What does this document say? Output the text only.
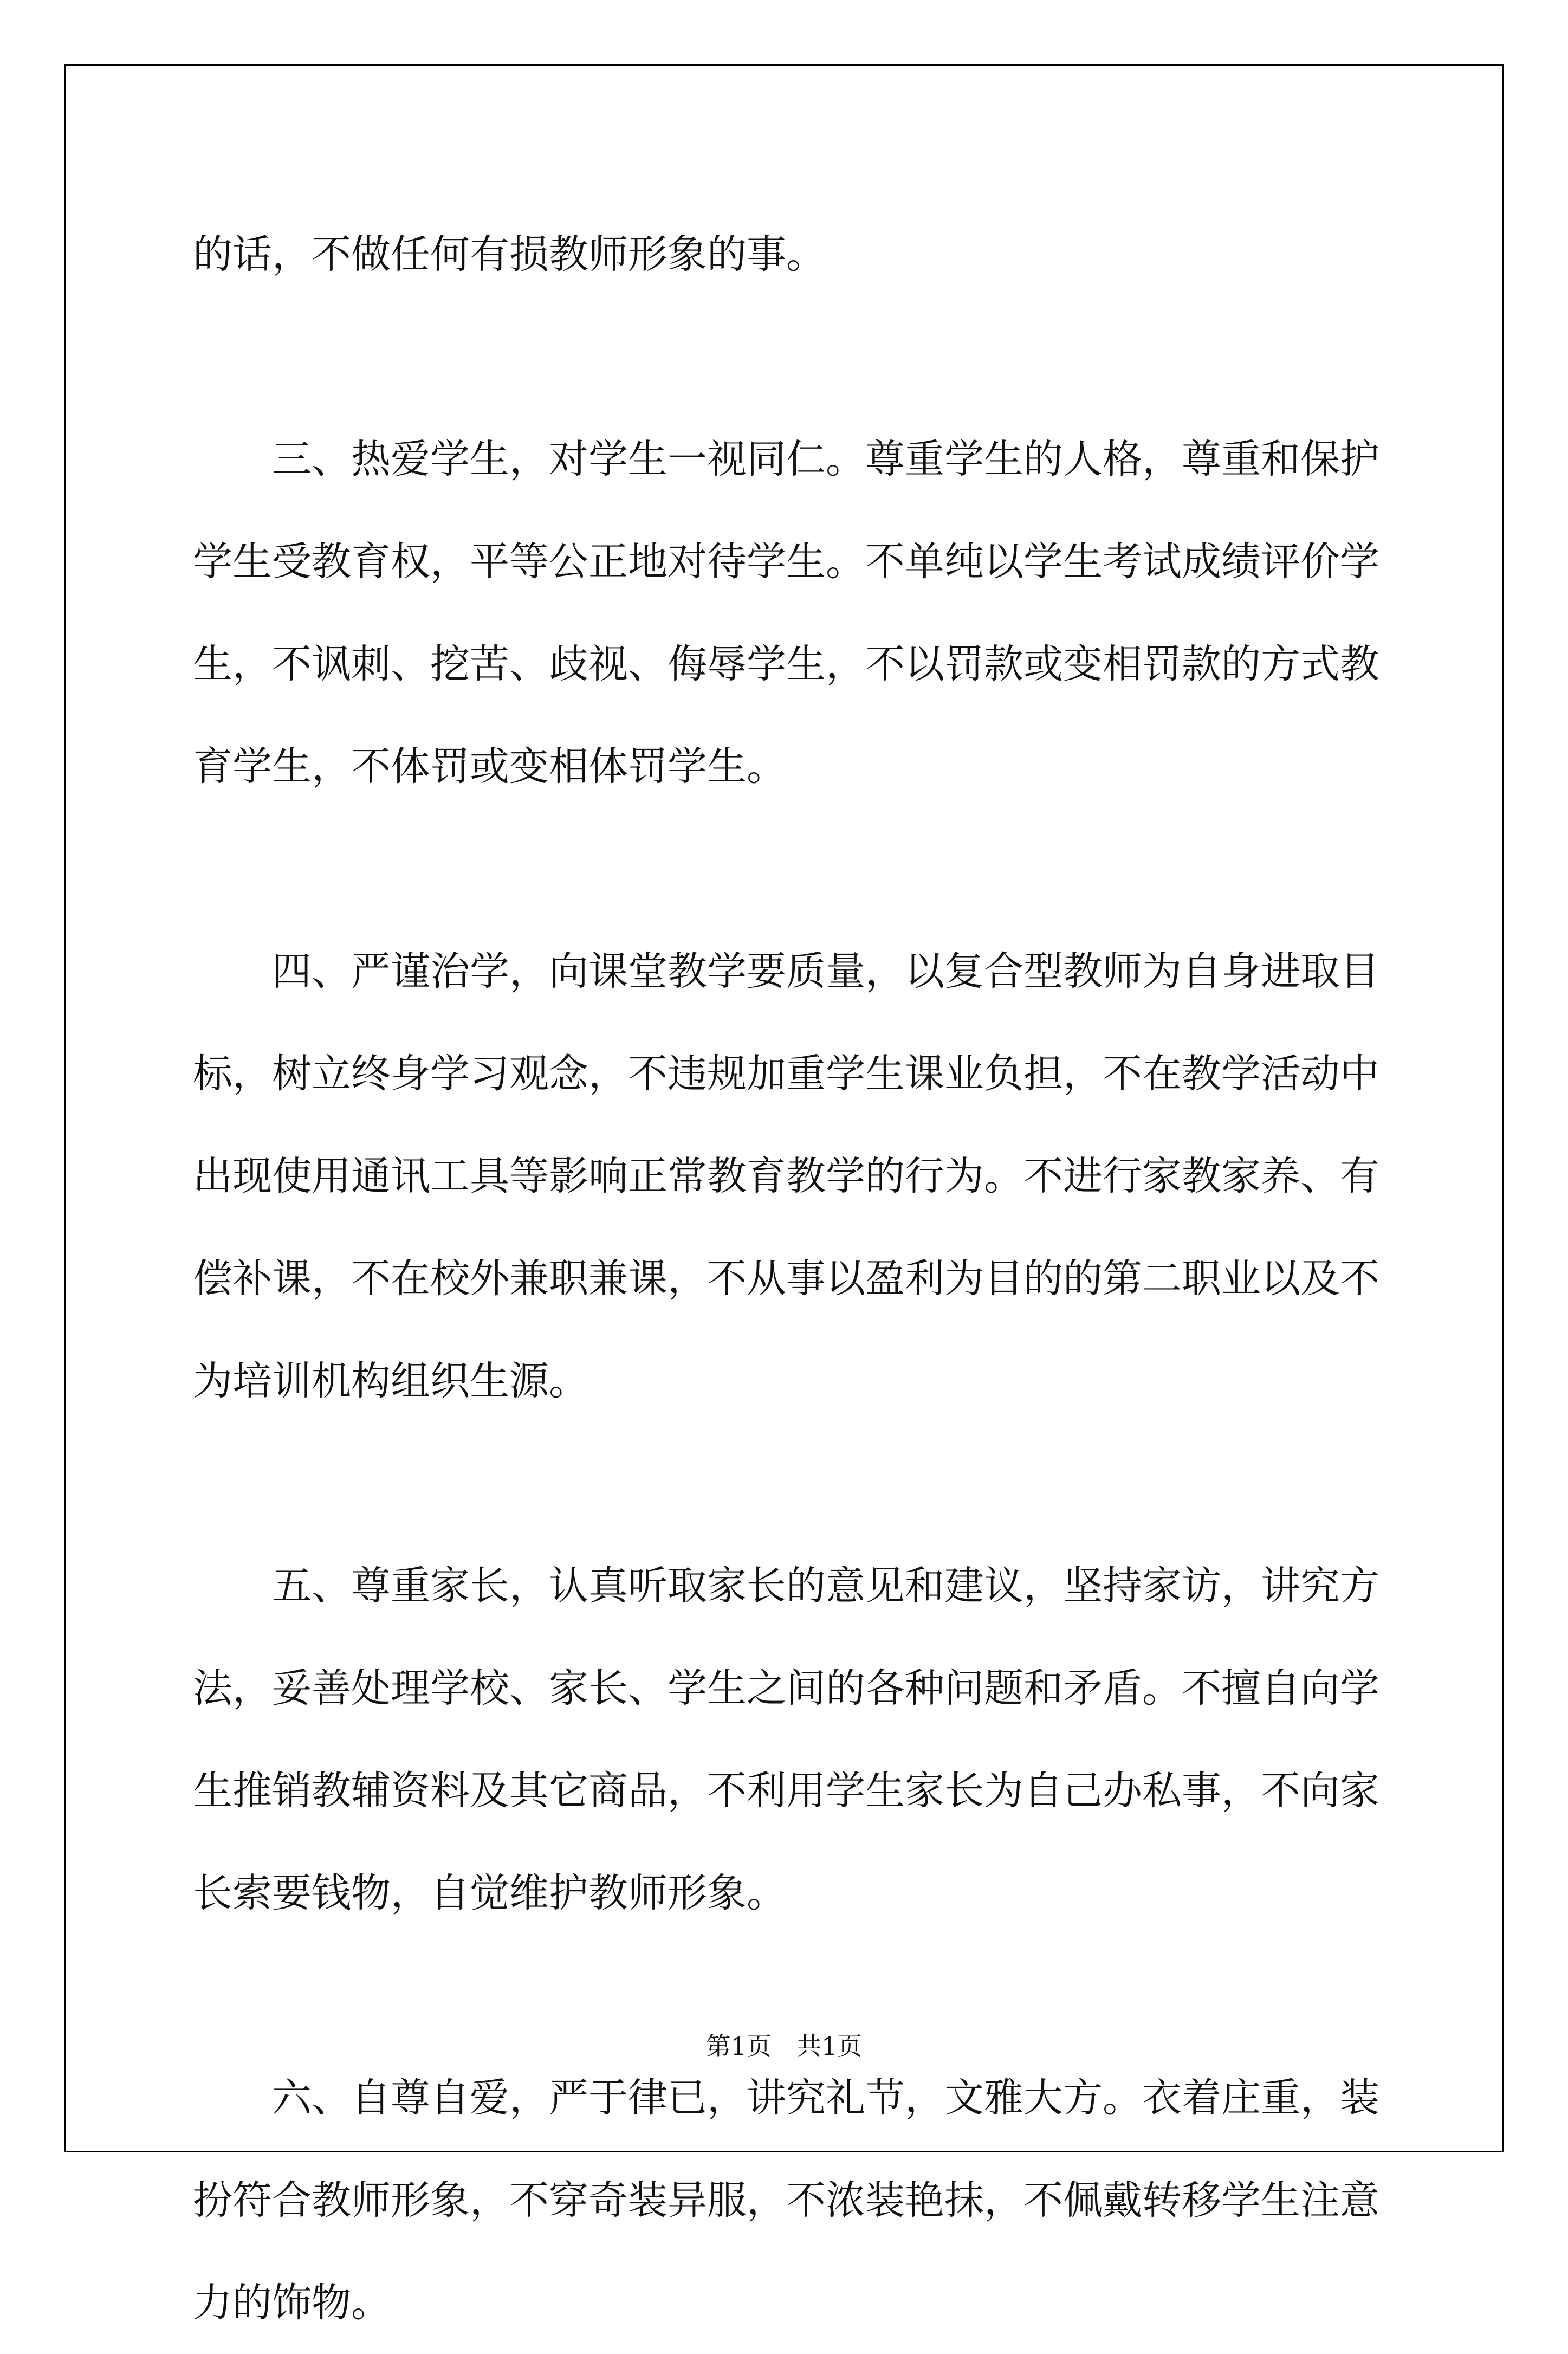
的话，不做任何有损教师形象的事。
　　三、热爱学生，对学生一视同仁。尊重学生的人格，尊重和保护
学生受教育权，平等公正地对待学生。不单纯以学生考试成绩评价学
生，不讽刺、挖苦、歧视、侮辱学生，不以罚款或变相罚款的方式教
育学生，不体罚或变相体罚学生。
　　四、严谨治学，向课堂教学要质量，以复合型教师为自身进取目
标，树立终身学习观念，不违规加重学生课业负担，不在教学活动中
出现使用通讯工具等影响正常教育教学的行为。不进行家教家养、有
偿补课，不在校外兼职兼课，不从事以盈利为目的的第二职业以及不
为培训机构组织生源。
　　五、尊重家长，认真听取家长的意见和建议，坚持家访，讲究方
法，妥善处理学校、家长、学生之间的各种问题和矛盾。不擅自向学
生推销教辅资料及其它商品，不利用学生家长为自己办私事，不向家
长索要钱物，自觉维护教师形象。
　　六、自尊自爱，严于律已，讲究礼节，文雅大方。衣着庄重，装
扮符合教师形象，不穿奇装异服，不浓装艳抹，不佩戴转移学生注意
力的饰物。
第1页　共1页
